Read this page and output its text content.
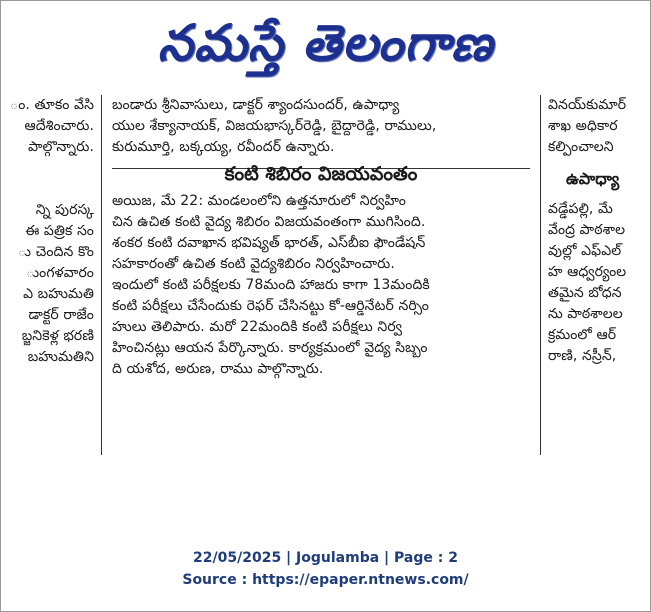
నమస్తే తెలంగాణ

ం. తూకం వేసి

ఆదేశించారు.

పాల్గొన్నారు.

న్ని పురస్క

ఈ పత్రిక సం

ు చెందిన కొం

ుంగళవారం

ఎ బహుమతి

డాక్టర్ రాజేం

బ్జనికెళ్ల భరణి

బహుమతిని

బండారు శ్రీనివాసులు, డాక్టర్ శ్యాందసుందర్, ఉపాధ్యా

యుల శేక్యానాయక్, విజయభాస్కర్‌రెడ్డి, బైద్దారెడ్డి, రాములు,

కురుమూర్తి, బక్కయ్య, రవీందర్ ఉన్నారు.

కంటి శిబిరం విజయవంతం

అయిజ, మే 22: మండలంలోని ఉత్తనూరులో నిర్వహిం

చిన ఉచిత కంటి వైద్య శిబిరం విజయవంతంగా ముగిసింది.

శంకర కంటి దవాఖాన భవిష్యత్ భారత్, ఎస్‌బీఐ ఫౌండేషన్

సహకారంతో ఉచిత కంటి వైద్యశిబిరం నిర్వహించారు.

ఇందులో కంటి పరీక్షలకు 78మంది హాజరు కాగా 13మందికి

కంటి పరీక్షలు చేసేందుకు రెఫర్ చేసినట్టు కో-ఆర్డినేటర్ నర్సిం

హులు తెలిపారు. మరో 22మందికి కంటి పరీక్షలు నిర్వ

హించినట్లు ఆయన పేర్కొన్నారు. కార్యక్రమంలో వైద్య సిబ్బం

ది యశోద, అరుణ, రాము పాల్గొన్నారు.

వినయ్‌కుమార్

శాఖ అధికార

కల్పించాలని

ఉపాధ్యా

వడ్డేపల్లి, మే

వేంద్ర పాఠశాల

వుల్లో ఎఫ్‌ఎల్

హ ఆధ్వర్యంల

తమైన బోధన

ను పాఠశాలల

క్రమంలో ఆర్

రాణి, నస్రీన్,

22/05/2025 | Jogulamba | Page : 2
Source : https://epaper.ntnews.com/
